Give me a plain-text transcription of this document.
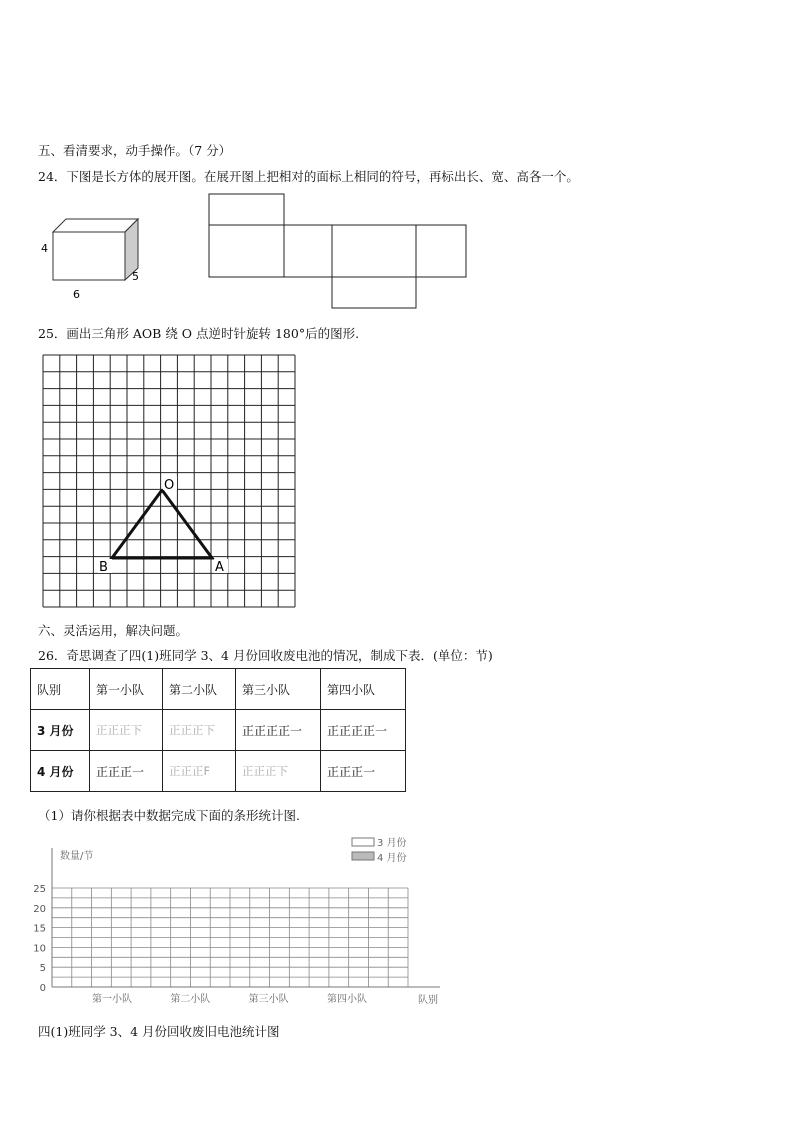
五、看清要求，动手操作。（7 分）
24．下图是长方体的展开图。在展开图上把相对的面标上相同的符号，再标出长、宽、高各一个。
4
5
6
25．画出三角形 AOB 绕 O 点逆时针旋转 180°后的图形.
O
B	A
六、灵活运用，解决问题。
26．奇思调查了四(1)班同学 3、4 月份回收废电池的情况，制成下表．(单位：节)
队别	第一小队	第二小队	第三小队	第四小队
3 月份	正正正下	正正正下	正正正正一	正正正正一
4 月份	正正正一	正正正F	正正正下	正正正一
（1）请你根据表中数据完成下面的条形统计图.
0
5
10
15
20
25
第一小队	第二小队	第三小队	第四小队
数量/节
队别
3 月份
4 月份
四(1)班同学 3、4 月份回收废旧电池统计图
